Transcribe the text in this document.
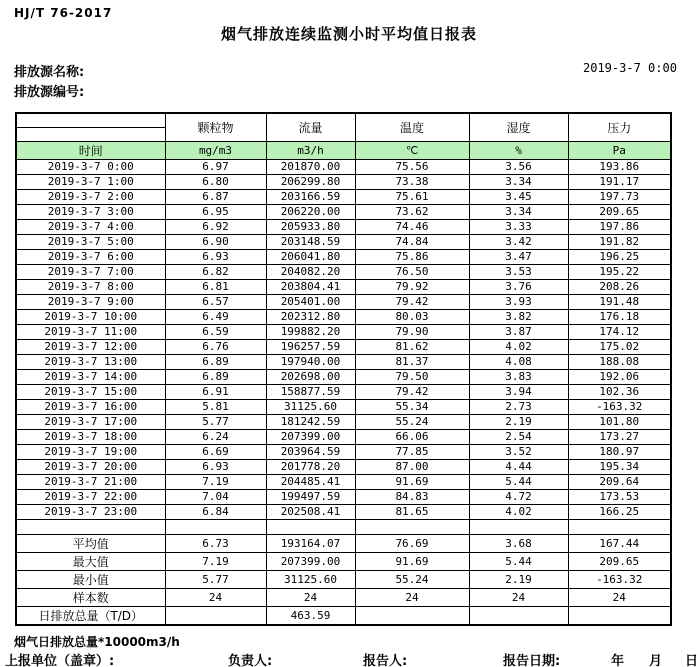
HJ/T 76-2017
烟气排放连续监测小时平均值日报表
排放源名称:
排放源编号:
2019-3-7 0:00
	颗粒物	流量	温度	湿度	压力

时间	mg/m3	m3/h	℃	%	Pa
2019-3-7 0:00	6.97	201870.00	75.56	3.56	193.86
2019-3-7 1:00	6.80	206299.80	73.38	3.34	191.17
2019-3-7 2:00	6.87	203166.59	75.61	3.45	197.73
2019-3-7 3:00	6.95	206220.00	73.62	3.34	209.65
2019-3-7 4:00	6.92	205933.80	74.46	3.33	197.86
2019-3-7 5:00	6.90	203148.59	74.84	3.42	191.82
2019-3-7 6:00	6.93	206041.80	75.86	3.47	196.25
2019-3-7 7:00	6.82	204082.20	76.50	3.53	195.22
2019-3-7 8:00	6.81	203804.41	79.92	3.76	208.26
2019-3-7 9:00	6.57	205401.00	79.42	3.93	191.48
2019-3-7 10:00	6.49	202312.80	80.03	3.82	176.18
2019-3-7 11:00	6.59	199882.20	79.90	3.87	174.12
2019-3-7 12:00	6.76	196257.59	81.62	4.02	175.02
2019-3-7 13:00	6.89	197940.00	81.37	4.08	188.08
2019-3-7 14:00	6.89	202698.00	79.50	3.83	192.06
2019-3-7 15:00	6.91	158877.59	79.42	3.94	102.36
2019-3-7 16:00	5.81	31125.60	55.34	2.73	-163.32
2019-3-7 17:00	5.77	181242.59	55.24	2.19	101.80
2019-3-7 18:00	6.24	207399.00	66.06	2.54	173.27
2019-3-7 19:00	6.69	203964.59	77.85	3.52	180.97
2019-3-7 20:00	6.93	201778.20	87.00	4.44	195.34
2019-3-7 21:00	7.19	204485.41	91.69	5.44	209.64
2019-3-7 22:00	7.04	199497.59	84.83	4.72	173.53
2019-3-7 23:00	6.84	202508.41	81.65	4.02	166.25

平均值	6.73	193164.07	76.69	3.68	167.44
最大值	7.19	207399.00	91.69	5.44	209.65
最小值	5.77	31125.60	55.24	2.19	-163.32
样本数	24	24	24	24	24
日排放总量（T/D）		463.59			
烟气日排放总量*10000m3/h
上报单位（盖章）:	负责人:	报告人:	报告日期:	年 月 日
